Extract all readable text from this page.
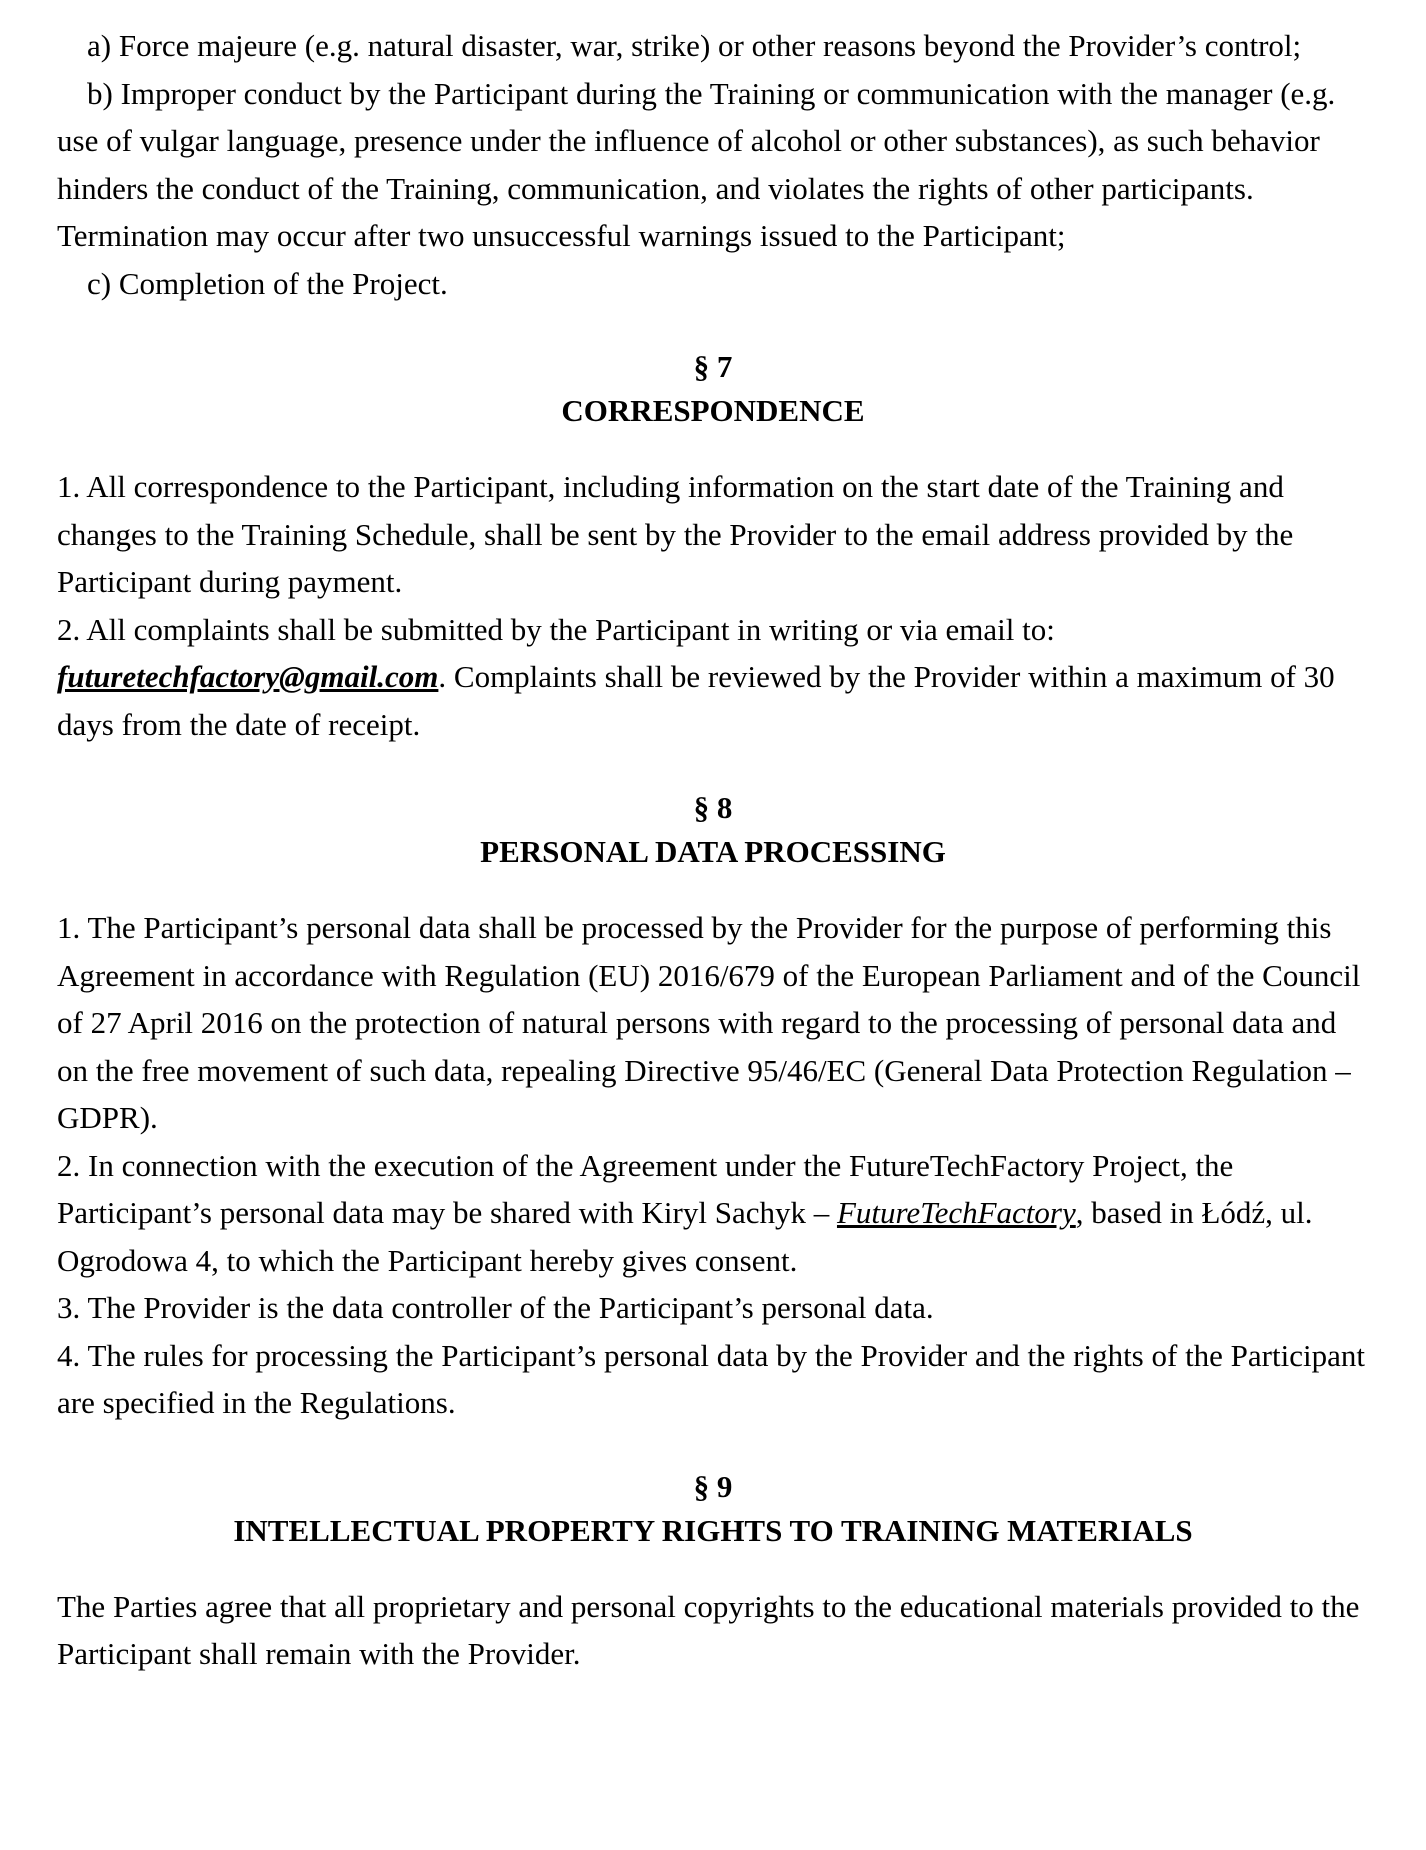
a) Force majeure (e.g. natural disaster, war, strike) or other reasons beyond the Provider’s control;

b) Improper conduct by the Participant during the Training or communication with the manager (e.g. use of vulgar language, presence under the influence of alcohol or other substances), as such behavior hinders the conduct of the Training, communication, and violates the rights of other participants. Termination may occur after two unsuccessful warnings issued to the Participant;

c) Completion of the Project.

§ 7
CORRESPONDENCE

1. All correspondence to the Participant, including information on the start date of the Training and changes to the Training Schedule, shall be sent by the Provider to the email address provided by the Participant during payment.

2. All complaints shall be submitted by the Participant in writing or via email to: futuretechfactory@gmail.com. Complaints shall be reviewed by the Provider within a maximum of 30 days from the date of receipt.

§ 8
PERSONAL DATA PROCESSING

1. The Participant’s personal data shall be processed by the Provider for the purpose of performing this Agreement in accordance with Regulation (EU) 2016/679 of the European Parliament and of the Council of 27 April 2016 on the protection of natural persons with regard to the processing of personal data and on the free movement of such data, repealing Directive 95/46/EC (General Data Protection Regulation – GDPR).

2. In connection with the execution of the Agreement under the FutureTechFactory Project, the Participant’s personal data may be shared with Kiryl Sachyk – FutureTechFactory, based in Łódź, ul. Ogrodowa 4, to which the Participant hereby gives consent.

3. The Provider is the data controller of the Participant’s personal data.

4. The rules for processing the Participant’s personal data by the Provider and the rights of the Participant are specified in the Regulations.

§ 9
INTELLECTUAL PROPERTY RIGHTS TO TRAINING MATERIALS

The Parties agree that all proprietary and personal copyrights to the educational materials provided to the Participant shall remain with the Provider.
